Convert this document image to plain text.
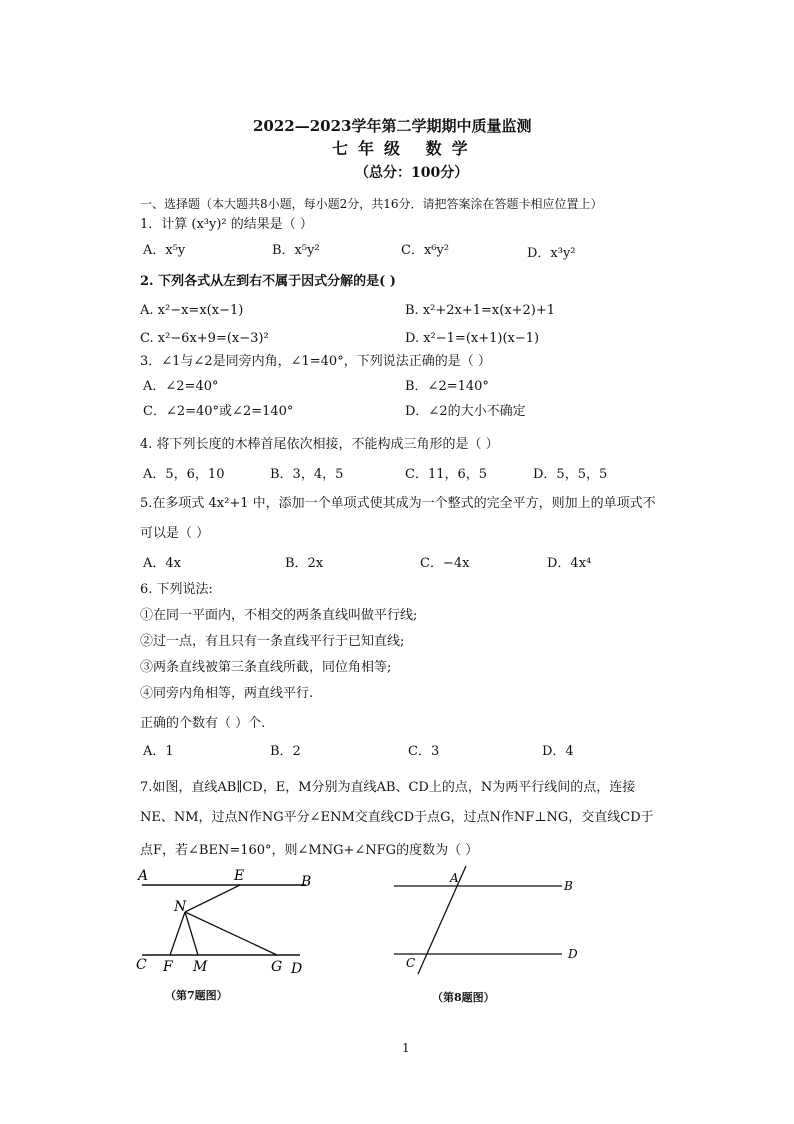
2022—2023学年第二学期期中质量监测
七年级 数学
（总分：100分）
一、选择题（本大题共8小题，每小题2分，共16分．请把答案涂在答题卡相应位置上）
1．计算 (x³y)² 的结果是（ ）
A．x⁵y	B．x⁵y²	C．x⁶y²	D．x³y²
2. 下列各式从左到右不属于因式分解的是( )
A. x²−x=x(x−1)	B. x²+2x+1=x(x+2)+1
C. x²−6x+9=(x−3)²	D. x²−1=(x+1)(x−1)
3．∠1与∠2是同旁内角，∠1=40°，下列说法正确的是（ ）
A．∠2=40°	B．∠2=140°
C．∠2=40°或∠2=140°	D．∠2的大小不确定
4. 将下列长度的木棒首尾依次相接，不能构成三角形的是（ ）
A．5，6，10	B．3，4，5	C．11，6，5	D．5，5，5
5.在多项式 4x²+1 中，添加一个单项式使其成为一个整式的完全平方，则加上的单项式不
可以是（ ）
A．4x	B．2x	C．−4x	D．4x⁴
6. 下列说法:
①在同一平面内，不相交的两条直线叫做平行线;
②过一点，有且只有一条直线平行于已知直线;
③两条直线被第三条直线所截，同位角相等;
④同旁内角相等，两直线平行.
正确的个数有（ ）个.
A．1	B．2	C．3	D．4
7.如图，直线AB∥CD，E，M分别为直线AB、CD上的点，N为两平行线间的点，连接
NE、NM，过点N作NG平分∠ENM交直线CD于点G，过点N作NF⊥NG，交直线CD于
点F，若∠BEN=160°，则∠MNG+∠NFG的度数为（ ）
A	E	B
N
C F M	G D
（第7题图）
A
B
C
D
（第8题图）
1
